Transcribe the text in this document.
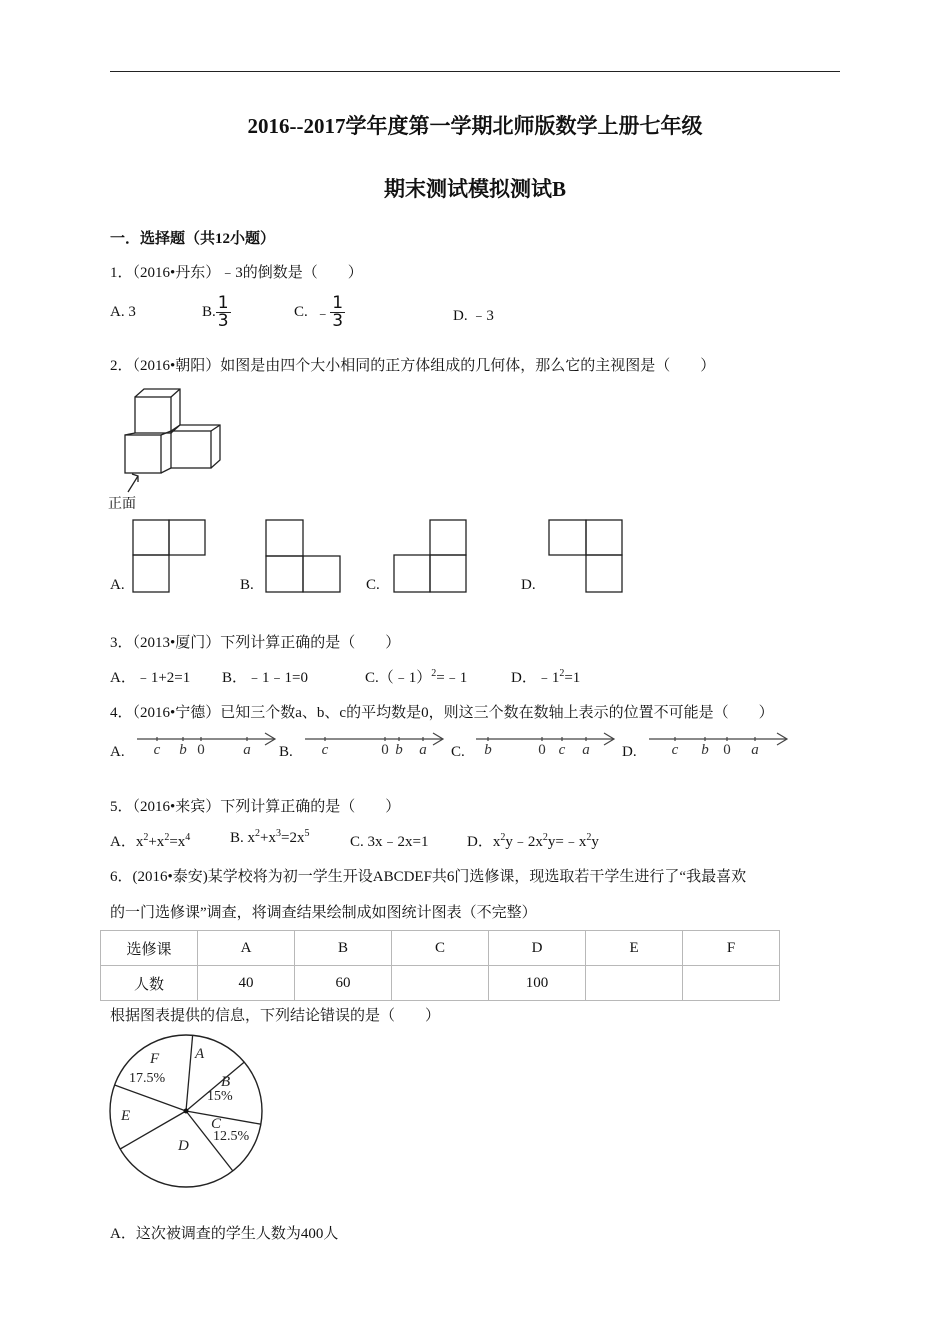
2016--2017学年度第一学期北师版数学上册七年级
期末测试模拟测试B
一．选择题（共12小题）
1．（2016•丹东）﹣3的倒数是（　　）
A. 3	B. $\frac{1}{3}$	C. ﹣ $\frac{1}{3}$	D. ﹣3
2．（2016•朝阳）如图是由四个大小相同的正方体组成的几何体，那么它的主视图是（　　）
正面
A.	B.	C.	D.
3．（2013•厦门）下列计算正确的是（　　）
A．﹣1+2=1 B．﹣1﹣1=0	C.（﹣1）$^2$=﹣1	D．$﹣1^2=1$
4．（2016•宁德）已知三个数a、b、c的平均数是0，则这三个数在数轴上表示的位置不可能是（　　）
A. c b 0	a B. c	0 b a C. b	0 c a D. c b 0 a
5．（2016•来宾）下列计算正确的是（　　）
A．$x^2+x^2=x^4$	B. $x^2+x^3=2x^5$
C. 3x﹣2x=1	D．$x^2y﹣2x^2y=﹣x^2y$
6．(2016•泰安)某学校将为初一学生开设ABCDEF共6门选修课，现选取若干学生进行了“我最喜欢
的一门选修课”调查，将调查结果绘制成如图统计图表（不完整）
选修课	A	B	C	D	E	F
人数	40	60		100		
根据图表提供的信息，下列结论错误的是（　　）
A
B
15%
C
12.5%
D
E
F
17.5%
A．这次被调查的学生人数为400人
